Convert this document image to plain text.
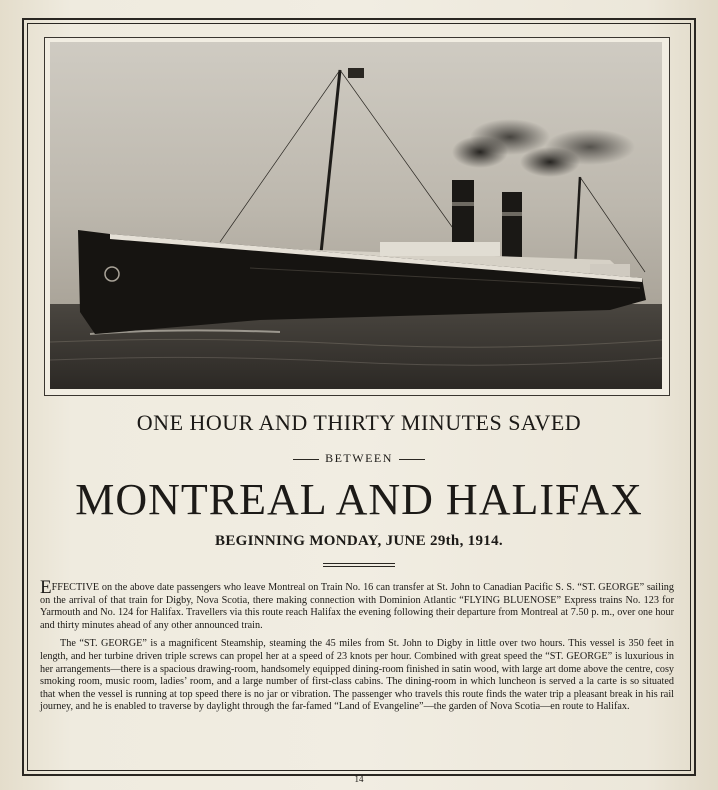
ONE HOUR AND THIRTY MINUTES SAVED
BETWEEN
MONTREAL AND HALIFAX
BEGINNING MONDAY, JUNE 29th, 1914.

EFFECTIVE on the above date passengers who leave Montreal on Train No. 16 can transfer at St. John to Canadian Pacific S. S. “ST. GEORGE” sailing on the arrival of that train for Digby, Nova Scotia, there making connection with Dominion Atlantic “FLYING BLUENOSE” Express trains No. 123 for Yarmouth and No. 124 for Halifax. Travellers via this route reach Halifax the evening following their departure from Montreal at 7.50 p. m., over one hour and thirty minutes ahead of any other announced train.

The “ST. GEORGE” is a magnificent Steamship, steaming the 45 miles from St. John to Digby in little over two hours. This vessel is 350 feet in length, and her turbine driven triple screws can propel her at a speed of 23 knots per hour. Combined with great speed the “ST. GEORGE” is luxurious in her arrangements—there is a spacious drawing-room, handsomely equipped dining-room finished in satin wood, with large art dome above the centre, cosy smoking room, music room, ladies’ room, and a large number of first-class cabins. The dining-room in which luncheon is served a la carte is so situated that when the vessel is running at top speed there is no jar or vibration. The passenger who travels this route finds the water trip a pleasant break in his rail journey, and he is enabled to traverse by daylight through the far-famed “Land of Evangeline”—the garden of Nova Scotia—en route to Halifax.

14
